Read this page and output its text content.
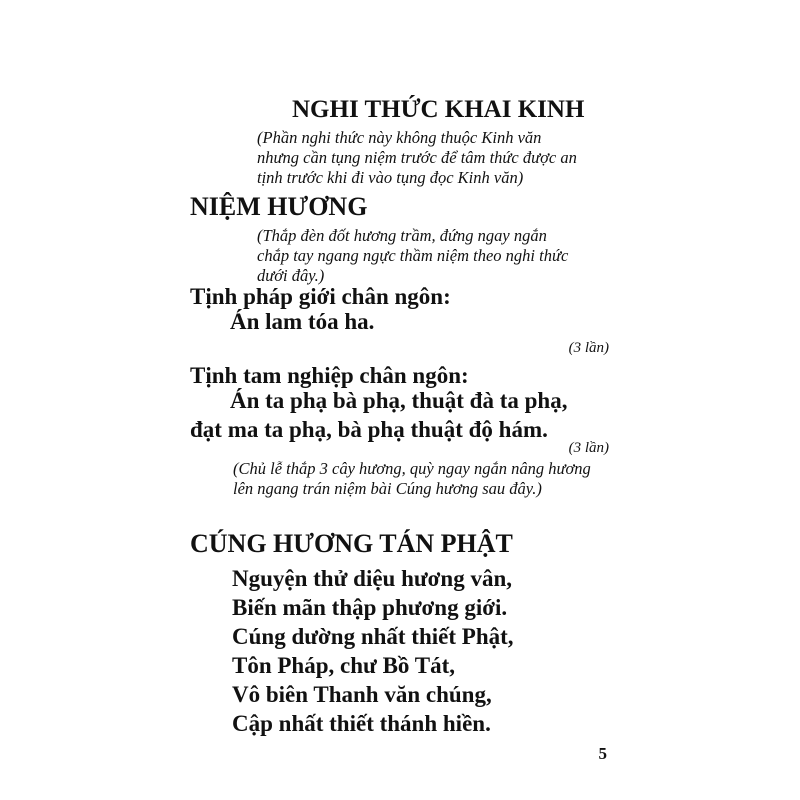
NGHI THỨC KHAI KINH
(Phần nghi thức này không thuộc Kinh văn
nhưng cần tụng niệm trước để tâm thức được an
tịnh trước khi đi vào tụng đọc Kinh văn)
NIỆM HƯƠNG
(Thắp đèn đốt hương trầm, đứng ngay ngắn
chắp tay ngang ngực thầm niệm theo nghi thức
dưới đây.)
Tịnh pháp giới chân ngôn:
Án lam tóa ha.
(3 lần)
Tịnh tam nghiệp chân ngôn:
Án ta phạ bà phạ, thuật đà ta phạ,
đạt ma ta phạ, bà phạ thuật độ hám.
(3 lần)
(Chủ lễ thắp 3 cây hương, quỳ ngay ngắn nâng hương
lên ngang trán niệm bài Cúng hương sau đây.)
CÚNG HƯƠNG TÁN PHẬT
Nguyện thử diệu hương vân,
Biến mãn thập phương giới.
Cúng dường nhất thiết Phật,
Tôn Pháp, chư Bồ Tát,
Vô biên Thanh văn chúng,
Cập nhất thiết thánh hiền.
5
